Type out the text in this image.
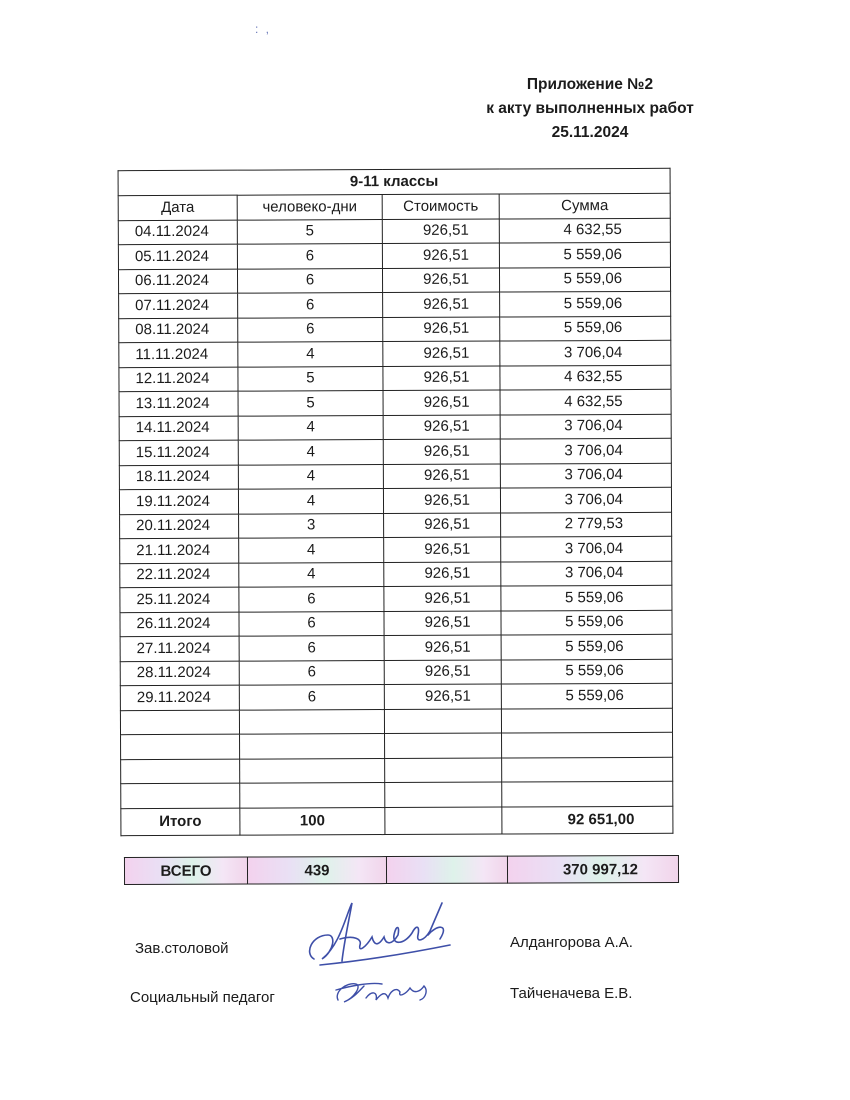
: ,
Приложение №2
к акту выполненных работ
25.11.2024
9-11 классы			
Дата	человеко-дни	Стоимость	Сумма
04.11.2024	5	926,51	4 632,55
05.11.2024	6	926,51	5 559,06
06.11.2024	6	926,51	5 559,06
07.11.2024	6	926,51	5 559,06
08.11.2024	6	926,51	5 559,06
11.11.2024	4	926,51	3 706,04
12.11.2024	5	926,51	4 632,55
13.11.2024	5	926,51	4 632,55
14.11.2024	4	926,51	3 706,04
15.11.2024	4	926,51	3 706,04
18.11.2024	4	926,51	3 706,04
19.11.2024	4	926,51	3 706,04
20.11.2024	3	926,51	2 779,53
21.11.2024	4	926,51	3 706,04
22.11.2024	4	926,51	3 706,04
25.11.2024	6	926,51	5 559,06
26.11.2024	6	926,51	5 559,06
27.11.2024	6	926,51	5 559,06
28.11.2024	6	926,51	5 559,06
29.11.2024	6	926,51	5 559,06

Итого	100		92 651,00
ВСЕГО	439		370 997,12
Зав.столовой	Алдангорова А.А.
Социальный педагог	Тайченачева Е.В.
